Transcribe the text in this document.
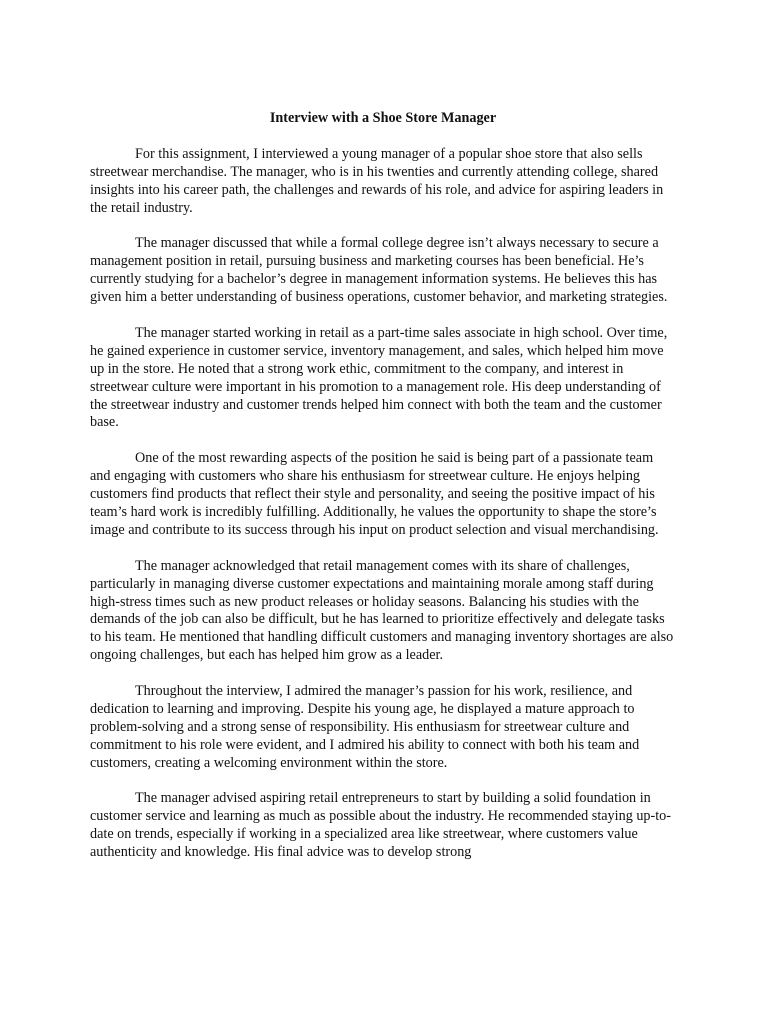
Interview with a Shoe Store Manager

For this assignment, I interviewed a young manager of a popular shoe store that also sells streetwear merchandise. The manager, who is in his twenties and currently attending college, shared insights into his career path, the challenges and rewards of his role, and advice for aspiring leaders in the retail industry.

The manager discussed that while a formal college degree isn’t always necessary to secure a management position in retail, pursuing business and marketing courses has been beneficial. He’s currently studying for a bachelor’s degree in management information systems. He believes this has given him a better understanding of business operations, customer behavior, and marketing strategies.

The manager started working in retail as a part-time sales associate in high school. Over time, he gained experience in customer service, inventory management, and sales, which helped him move up in the store. He noted that a strong work ethic, commitment to the company, and interest in streetwear culture were important in his promotion to a management role. His deep understanding of the streetwear industry and customer trends helped him connect with both the team and the customer base.

One of the most rewarding aspects of the position he said is being part of a passionate team and engaging with customers who share his enthusiasm for streetwear culture. He enjoys helping customers find products that reflect their style and personality, and seeing the positive impact of his team’s hard work is incredibly fulfilling. Additionally, he values the opportunity to shape the store’s image and contribute to its success through his input on product selection and visual merchandising.

The manager acknowledged that retail management comes with its share of challenges, particularly in managing diverse customer expectations and maintaining morale among staff during high-stress times such as new product releases or holiday seasons. Balancing his studies with the demands of the job can also be difficult, but he has learned to prioritize effectively and delegate tasks to his team. He mentioned that handling difficult customers and managing inventory shortages are also ongoing challenges, but each has helped him grow as a leader.

Throughout the interview, I admired the manager’s passion for his work, resilience, and dedication to learning and improving. Despite his young age, he displayed a mature approach to problem-solving and a strong sense of responsibility. His enthusiasm for streetwear culture and commitment to his role were evident, and I admired his ability to connect with both his team and customers, creating a welcoming environment within the store.

The manager advised aspiring retail entrepreneurs to start by building a solid foundation in customer service and learning as much as possible about the industry. He recommended staying up-to-date on trends, especially if working in a specialized area like streetwear, where customers value authenticity and knowledge. His final advice was to develop strong
